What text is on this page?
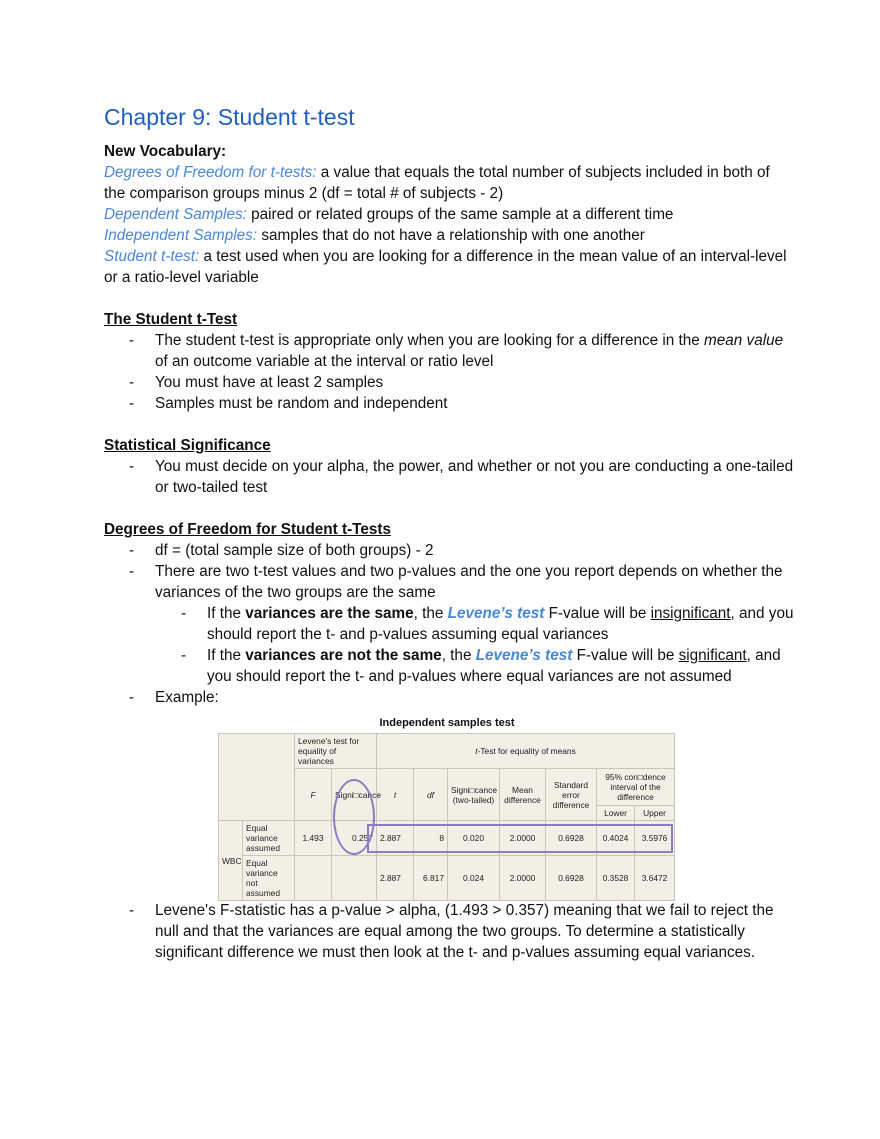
Chapter 9: Student t-test

New Vocabulary:

Degrees of Freedom for t-tests: a value that equals the total number of subjects included in both of the comparison groups minus 2 (df = total # of subjects - 2)

Dependent Samples: paired or related groups of the same sample at a different time

Independent Samples: samples that do not have a relationship with one another

Student t-test: a test used when you are looking for a difference in the mean value of an interval-level or a ratio-level variable

The Student t-Test

- The student t-test is appropriate only when you are looking for a difference in the mean value of an outcome variable at the interval or ratio level
- You must have at least 2 samples
- Samples must be random and independent

Statistical Significance

- You must decide on your alpha, the power, and whether or not you are conducting a one-tailed or two-tailed test

Degrees of Freedom for Student t-Tests

- df = (total sample size of both groups) - 2
- There are two t-test values and two p-values and the one you report depends on whether the variances of the two groups are the same
- If the variances are the same, the Levene’s test F-value will be insignificant, and you should report the t- and p-values assuming equal variances
- If the variances are not the same, the Levene’s test F-value will be significant, and you should report the t- and p-values where equal variances are not assumed
- Example:
Independent samples test
		Levene's test for equality of variances		t-Test for equality of means						
		F	Signi□cance	t	df	Signi□cance (two-tailed)	Mean difference	Standard error difference	95% con□dence interval of the difference	
									Lower	Upper
WBC	Equal variance assumed	1.493	0.257	2.887	8	0.020	2.0000	0.6928	0.4024	3.5976
	Equal variance not assumed			2.887	6.817	0.024	2.0000	0.6928	0.3528	3.6472
- Levene's F-statistic has a p-value > alpha, (1.493 > 0.357) meaning that we fail to reject the null and that the variances are equal among the two groups. To determine a statistically significant difference we must then look at the t- and p-values assuming equal variances.
